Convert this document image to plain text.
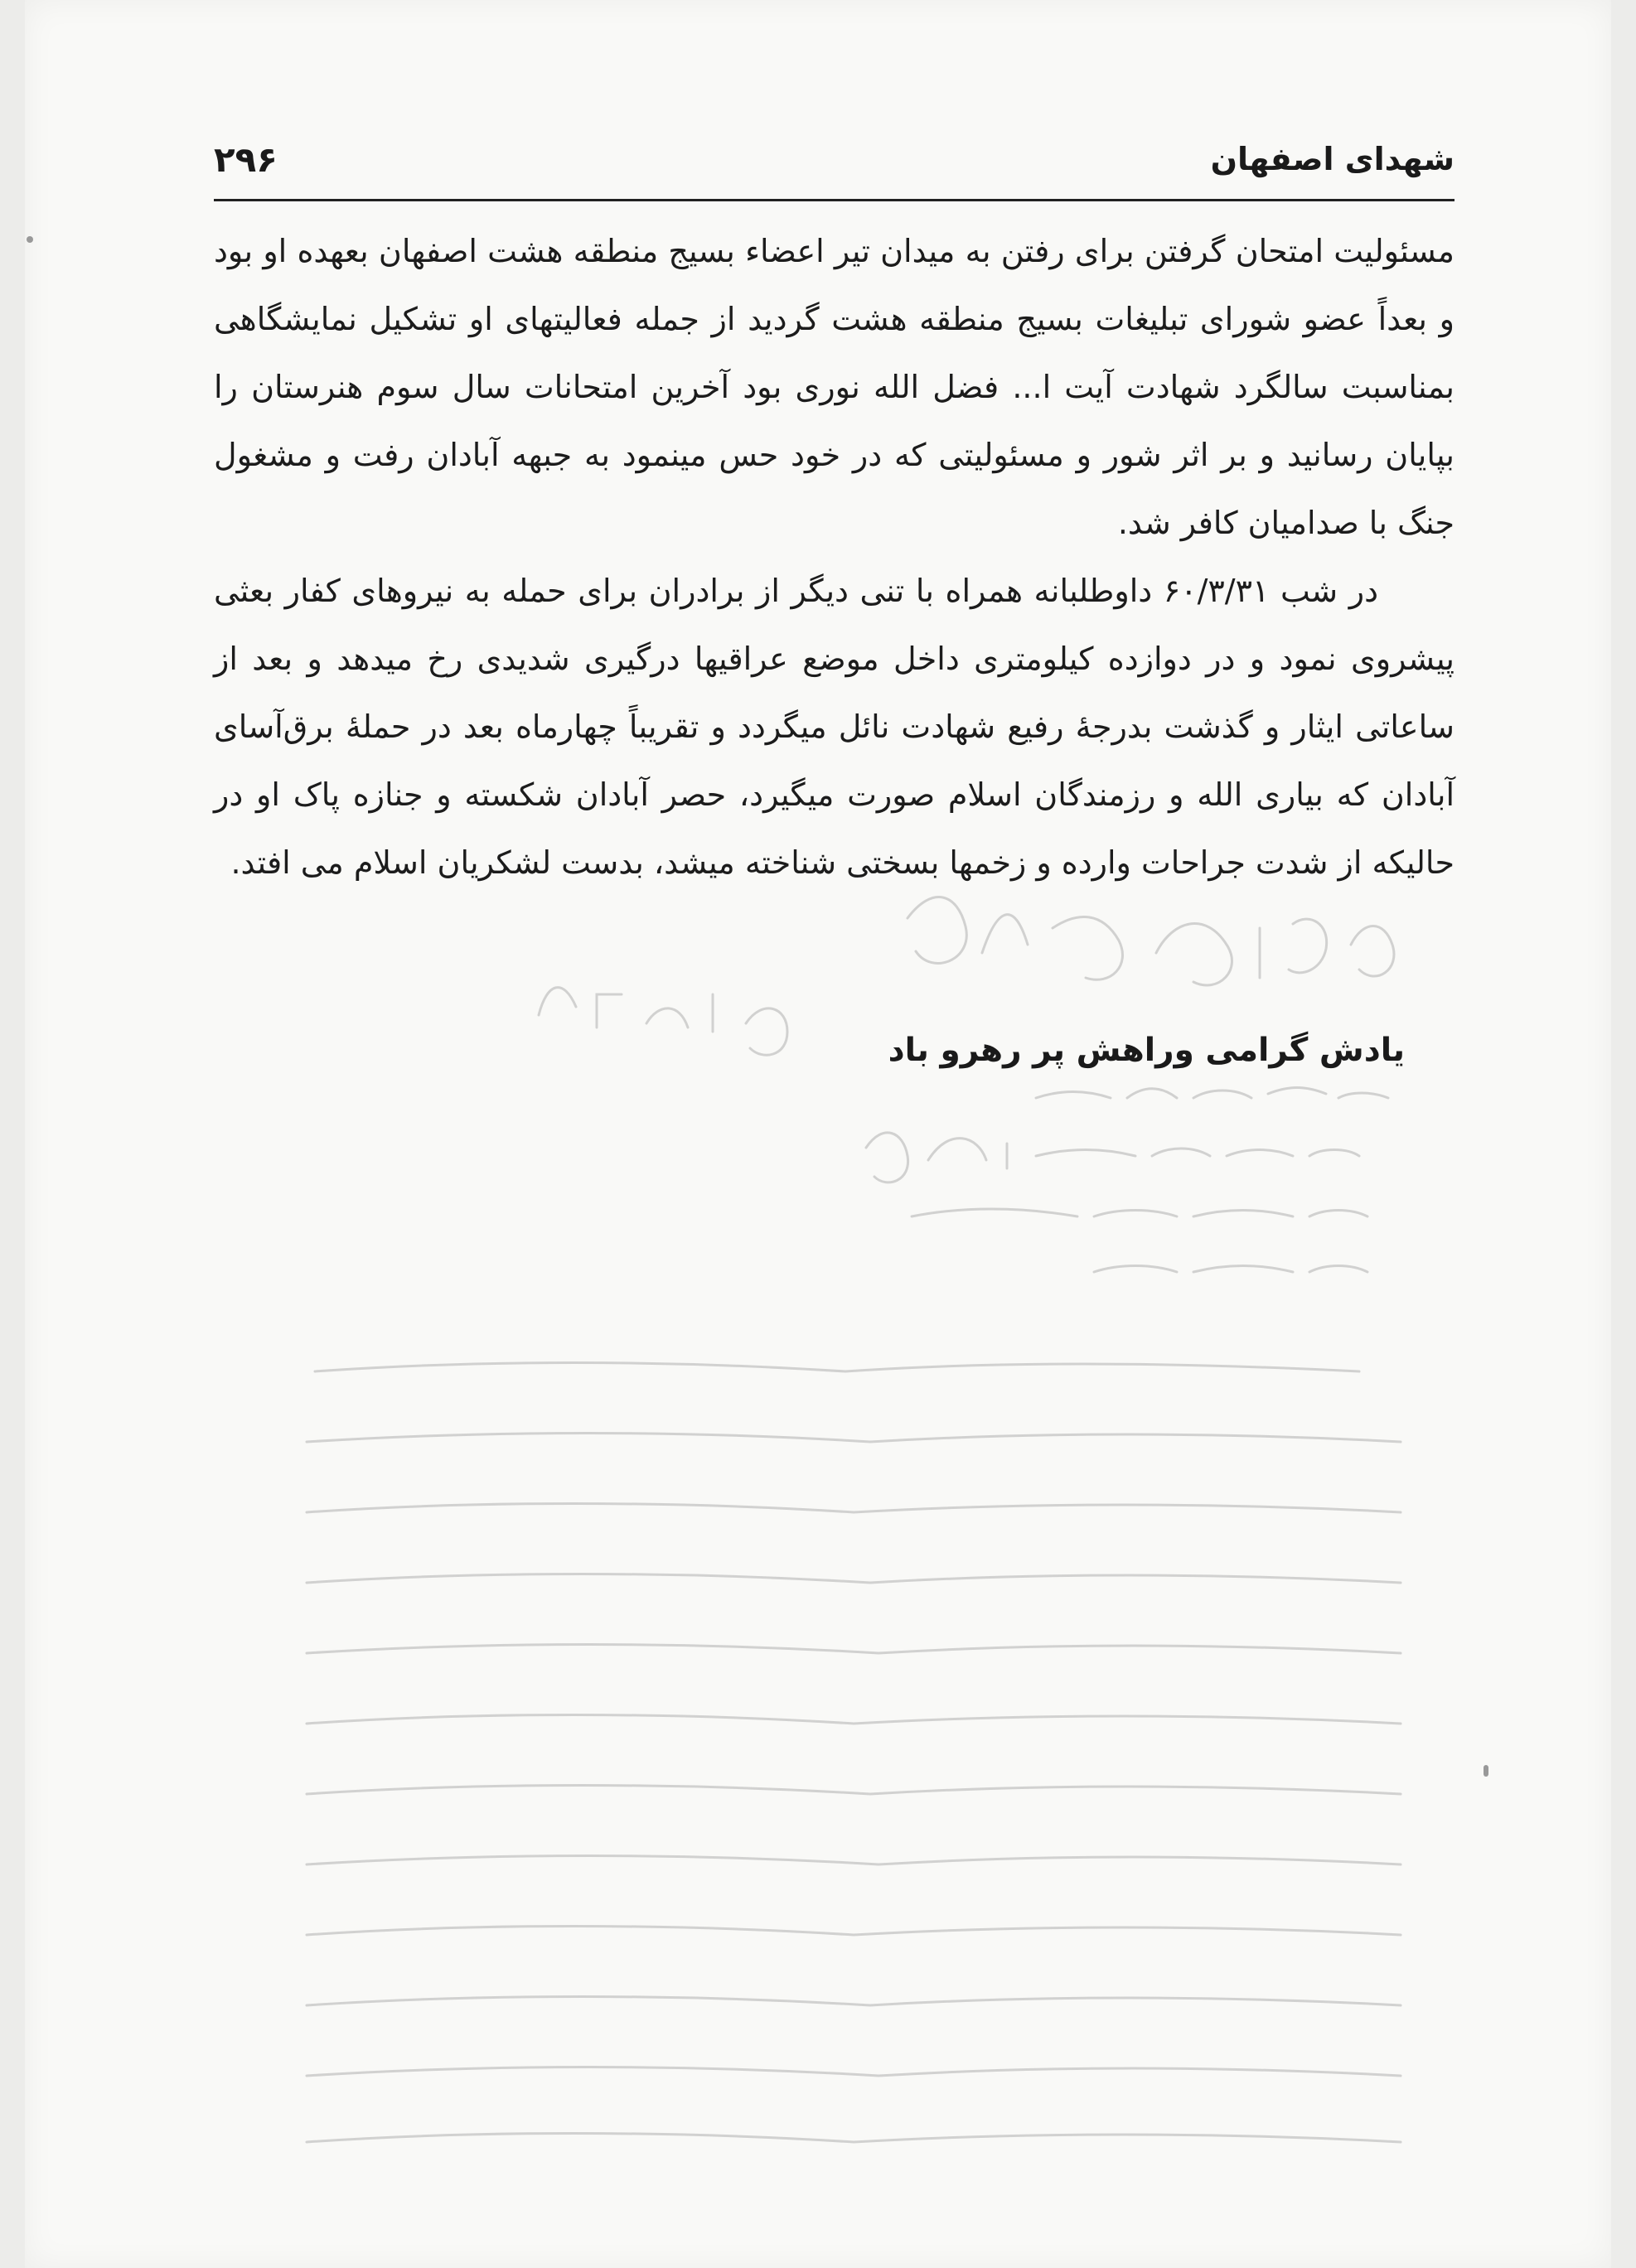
شهدای اصفهان
۲۹۶

مسئولیت امتحان گرفتن برای رفتن به میدان تیر اعضاء بسیج منطقه هشت اصفهان بعهده او بود و بعداً عضو شورای تبلیغات بسیج منطقه هشت گردید از جمله فعالیتهای او تشکیل نمایشگاهی بمناسبت سالگرد شهادت آیت ا... فضل الله نوری بود آخرین امتحانات سال سوم هنرستان را بپایان رسانید و بر اثر شور و مسئولیتی که در خود حس مینمود به جبهه آبادان رفت و مشغول جنگ با صدامیان کافر شد.

در شب ۶۰/۳/۳۱ داوطلبانه همراه با تنی دیگر از برادران برای حمله به نیروهای کفار بعثی پیشروی نمود و در دوازده کیلومتری داخل موضع عراقیها درگیری شدیدی رخ میدهد و بعد از ساعاتی ایثار و گذشت بدرجهٔ رفیع شهادت نائل میگردد و تقریباً چهارماه بعد در حملهٔ برق‌آسای آبادان که بیاری الله و رزمندگان اسلام صورت میگیرد، حصر آبادان شکسته و جنازه پاک او در حالیکه از شدت جراحات وارده و زخمها بسختی شناخته میشد، بدست لشکریان اسلام می افتد.

یادش گرامی وراهش پر رهرو باد
